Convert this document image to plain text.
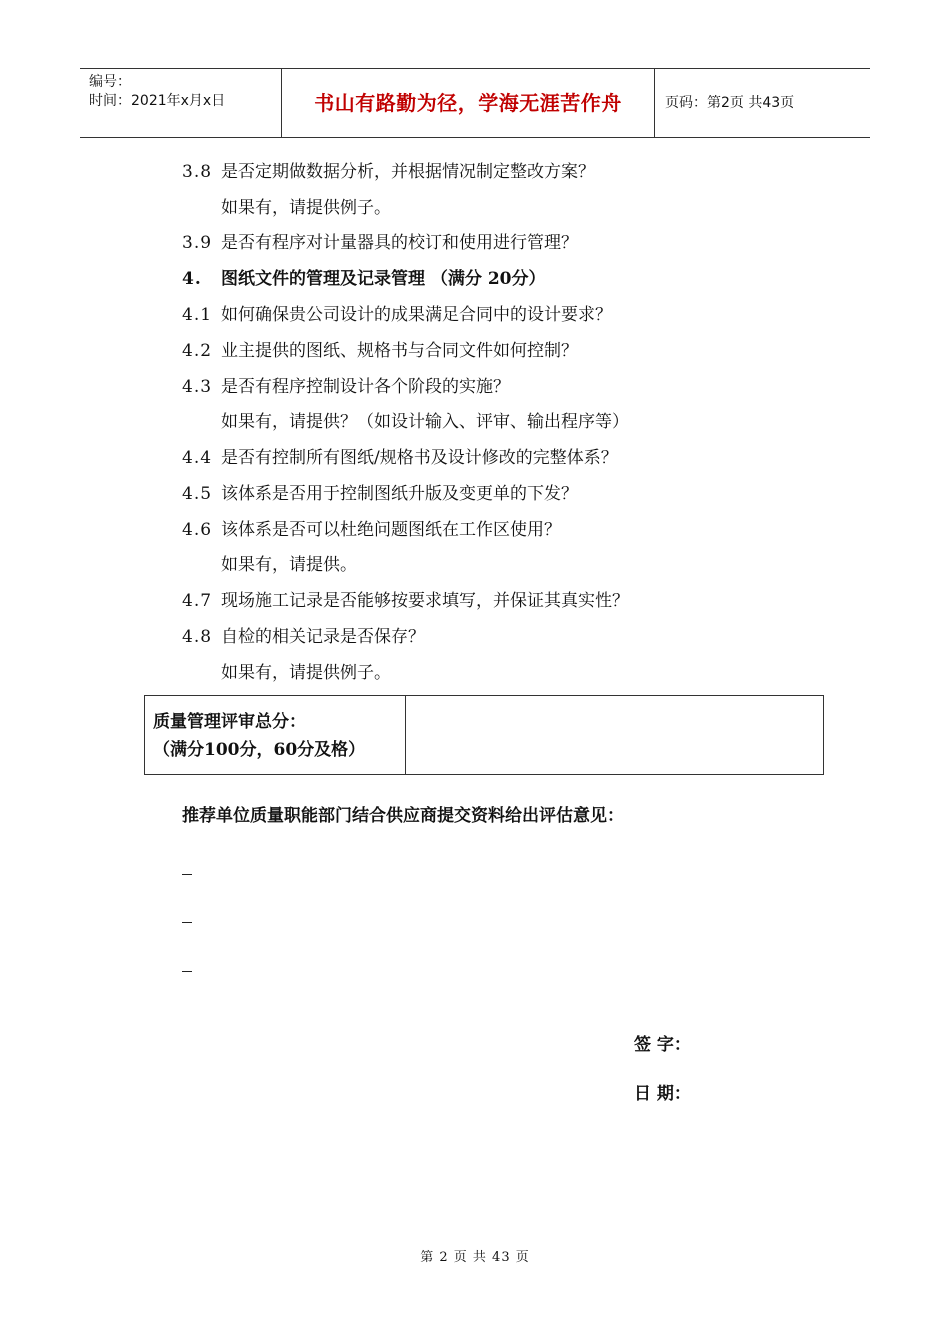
编号：
时间：2021年x月x日	书山有路勤为径，学海无涯苦作舟	页码：第2页 共43页
3.8 是否定期做数据分析，并根据情况制定整改方案？
如果有，请提供例子。
3.9 是否有程序对计量器具的校订和使用进行管理？
4. 图纸文件的管理及记录管理 （满分 20分）
4.1 如何确保贵公司设计的成果满足合同中的设计要求？
4.2 业主提供的图纸、规格书与合同文件如何控制？
4.3 是否有程序控制设计各个阶段的实施？
如果有，请提供？（如设计输入、评审、输出程序等）
4.4 是否有控制所有图纸/规格书及设计修改的完整体系？
4.5 该体系是否用于控制图纸升版及变更单的下发？
4.6 该体系是否可以杜绝问题图纸在工作区使用？
如果有，请提供。
4.7 现场施工记录是否能够按要求填写，并保证其真实性？
4.8 自检的相关记录是否保存？
如果有，请提供例子。
质量管理评审总分：
（满分100分，60分及格）
推荐单位质量职能部门结合供应商提交资料给出评估意见：
签 字：
日 期：
第 2 页 共 43 页
